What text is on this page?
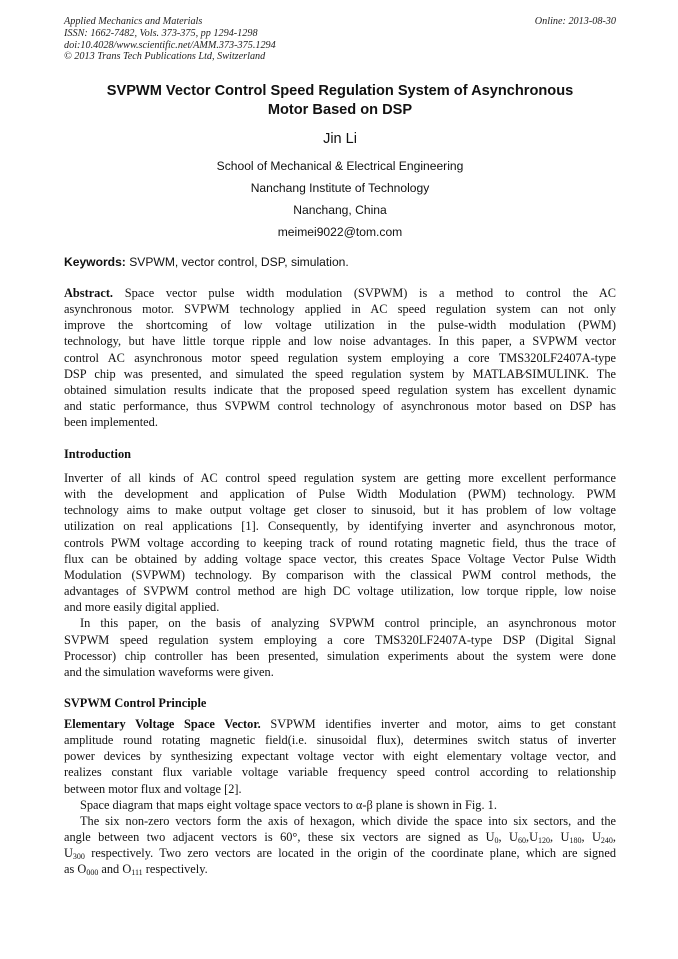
Applied Mechanics and Materials
ISSN: 1662-7482, Vols. 373-375, pp 1294-1298
doi:10.4028/www.scientific.net/AMM.373-375.1294
© 2013 Trans Tech Publications Ltd, Switzerland
Online: 2013-08-30
SVPWM Vector Control Speed Regulation System of Asynchronous
Motor Based on DSP
Jin Li
School of Mechanical & Electrical Engineering
Nanchang Institute of Technology
Nanchang, China
meimei9022@tom.com
Keywords: SVPWM, vector control, DSP, simulation.
Abstract. Space vector pulse width modulation (SVPWM) is a method to control the AC
asynchronous motor. SVPWM technology applied in AC speed regulation system can not only
improve the shortcoming of low voltage utilization in the pulse-width modulation (PWM)
technology, but have little torque ripple and low noise advantages. In this paper, a SVPWM vector
control AC asynchronous motor speed regulation system employing a core TMS320LF2407A-type
DSP chip was presented, and simulated the speed regulation system by MATLAB∕SIMULINK. The
obtained simulation results indicate that the proposed speed regulation system has excellent dynamic
and static performance, thus SVPWM control technology of asynchronous motor based on DSP has
been implemented.
Introduction
Inverter of all kinds of AC control speed regulation system are getting more excellent performance
with the development and application of Pulse Width Modulation (PWM) technology. PWM
technology aims to make output voltage get closer to sinusoid, but it has problem of low voltage
utilization on real applications [1]. Consequently, by identifying inverter and asynchronous motor,
controls PWM voltage according to keeping track of round rotating magnetic field, thus the trace of
flux can be obtained by adding voltage space vector, this creates Space Voltage Vector Pulse Width
Modulation (SVPWM) technology. By comparison with the classical PWM control methods, the
advantages of SVPWM control method are high DC voltage utilization, low torque ripple, low noise
and more easily digital applied.
In this paper, on the basis of analyzing SVPWM control principle, an asynchronous motor
SVPWM speed regulation system employing a core TMS320LF2407A-type DSP (Digital Signal
Processor) chip controller has been presented, simulation experiments about the system were done
and the simulation waveforms were given.
SVPWM Control Principle
Elementary Voltage Space Vector. SVPWM identifies inverter and motor, aims to get constant
amplitude round rotating magnetic field(i.e. sinusoidal flux), determines switch status of inverter
power devices by synthesizing expectant voltage vector with eight elementary voltage vector, and
realizes constant flux variable voltage variable frequency speed control according to relationship
between motor flux and voltage [2].
Space diagram that maps eight voltage space vectors to α-β plane is shown in Fig. 1.
The six non-zero vectors form the axis of hexagon, which divide the space into six sectors, and the
angle between two adjacent vectors is 60°, these six vectors are signed as $U_0$, $U_{60},U_{120}$, $U_{180}$, $U_{240}$,
$U_{300}$ respectively. Two zero vectors are located in the origin of the coordinate plane, which are signed
as $O_{000}$ and $O_{111}$ respectively.
